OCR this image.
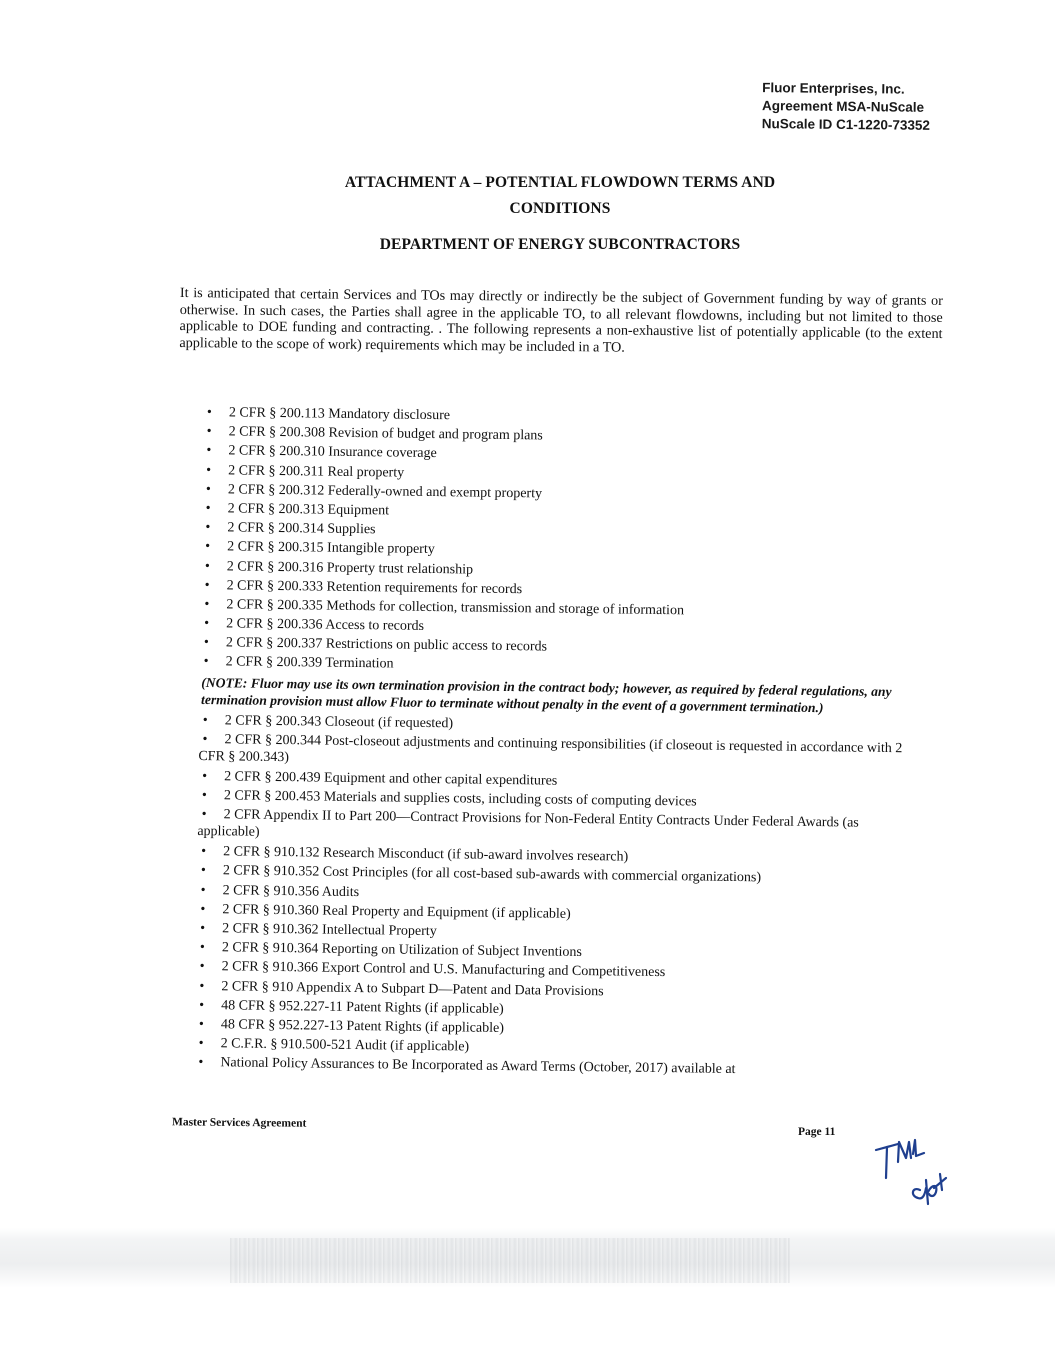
Fluor Enterprises, Inc.
Agreement MSA-NuScale
NuScale ID C1-1220-73352
ATTACHMENT A – POTENTIAL FLOWDOWN TERMS AND
CONDITIONS
DEPARTMENT OF ENERGY SUBCONTRACTORS
It is anticipated that certain Services and TOs may directly or indirectly be the subject of Government funding by way of grants or otherwise. In such cases, the Parties shall agree in the applicable TO, to all relevant flowdowns, including but not limited to those applicable to DOE funding and contracting. . The following represents a non-exhaustive list of potentially applicable (to the extent applicable to the scope of work) requirements which may be included in a TO.
• 2 CFR § 200.113 Mandatory disclosure
• 2 CFR § 200.308 Revision of budget and program plans
• 2 CFR § 200.310 Insurance coverage
• 2 CFR § 200.311 Real property
• 2 CFR § 200.312 Federally-owned and exempt property
• 2 CFR § 200.313 Equipment
• 2 CFR § 200.314 Supplies
• 2 CFR § 200.315 Intangible property
• 2 CFR § 200.316 Property trust relationship
• 2 CFR § 200.333 Retention requirements for records
• 2 CFR § 200.335 Methods for collection, transmission and storage of information
• 2 CFR § 200.336 Access to records
• 2 CFR § 200.337 Restrictions on public access to records
• 2 CFR § 200.339 Termination
(NOTE: Fluor may use its own termination provision in the contract body; however, as required by federal regulations, any termination provision must allow Fluor to terminate without penalty in the event of a government termination.)
• 2 CFR § 200.343 Closeout (if requested)
• 2 CFR § 200.344 Post-closeout adjustments and continuing responsibilities (if closeout is requested in accordance with 2 CFR § 200.343)
• 2 CFR § 200.439 Equipment and other capital expenditures
• 2 CFR § 200.453 Materials and supplies costs, including costs of computing devices
• 2 CFR Appendix II to Part 200—Contract Provisions for Non-Federal Entity Contracts Under Federal Awards (as applicable)
• 2 CFR § 910.132 Research Misconduct (if sub-award involves research)
• 2 CFR § 910.352 Cost Principles (for all cost-based sub-awards with commercial organizations)
• 2 CFR § 910.356 Audits
• 2 CFR § 910.360 Real Property and Equipment (if applicable)
• 2 CFR § 910.362 Intellectual Property
• 2 CFR § 910.364 Reporting on Utilization of Subject Inventions
• 2 CFR § 910.366 Export Control and U.S. Manufacturing and Competitiveness
• 2 CFR § 910 Appendix A to Subpart D—Patent and Data Provisions
• 48 CFR § 952.227-11 Patent Rights (if applicable)
• 48 CFR § 952.227-13 Patent Rights (if applicable)
• 2 C.F.R. § 910.500-521 Audit (if applicable)
• National Policy Assurances to Be Incorporated as Award Terms (October, 2017) available at
Master Services Agreement
Page 11
